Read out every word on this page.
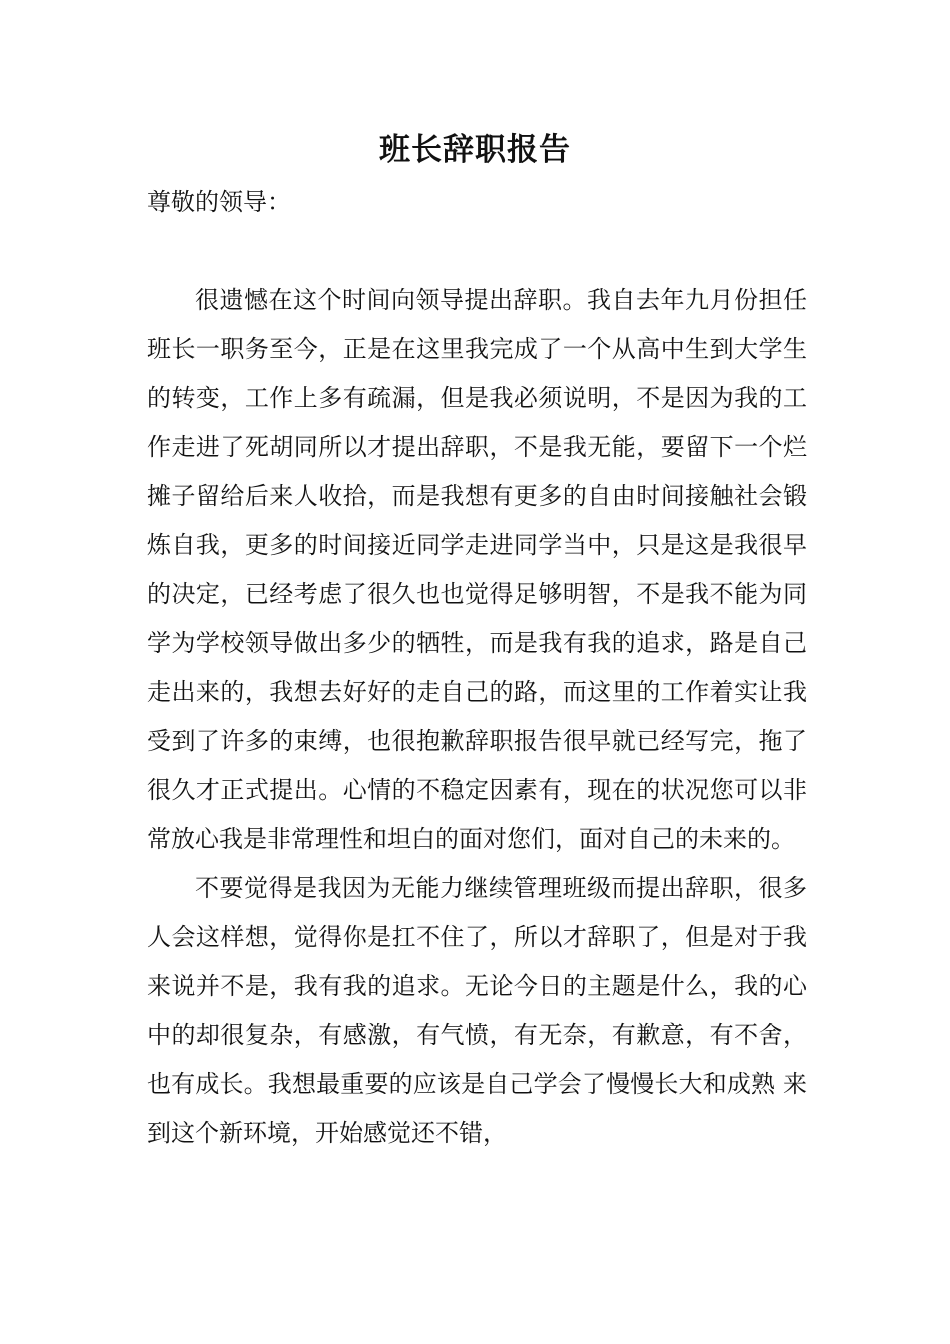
班长辞职报告

尊敬的领导：

很遗憾在这个时间向领导提出辞职。我自去年九月份担任班长一职务至今，正是在这里我完成了一个从高中生到大学生的转变，工作上多有疏漏，但是我必须说明，不是因为我的工作走进了死胡同所以才提出辞职，不是我无能，要留下一个烂摊子留给后来人收拾，而是我想有更多的自由时间接触社会锻炼自我，更多的时间接近同学走进同学当中，只是这是我很早的决定，已经考虑了很久也也觉得足够明智，不是我不能为同学为学校领导做出多少的牺牲，而是我有我的追求，路是自己走出来的，我想去好好的走自己的路，而这里的工作着实让我受到了许多的束缚，也很抱歉辞职报告很早就已经写完，拖了很久才正式提出。心情的不稳定因素有，现在的状况您可以非常放心我是非常理性和坦白的面对您们，面对自己的未来的。

不要觉得是我因为无能力继续管理班级而提出辞职，很多人会这样想，觉得你是扛不住了，所以才辞职了，但是对于我来说并不是，我有我的追求。无论今日的主题是什么，我的心中的却很复杂，有感激，有气愤，有无奈，有歉意，有不舍，也有成长。我想最重要的应该是自己学会了慢慢长大和成熟 来到这个新环境，开始感觉还不错，
